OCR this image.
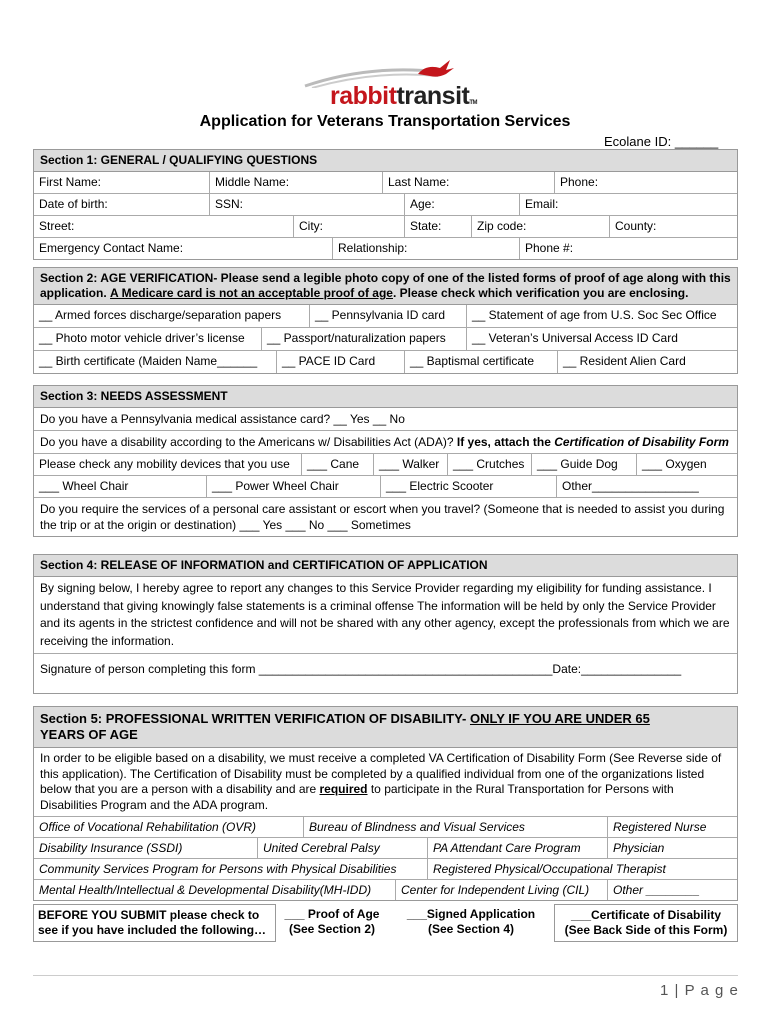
rabbittransitTM
Application for Veterans Transportation Services
Ecolane ID: ______
Section 1: GENERAL / QUALIFYING QUESTIONS
First Name:	Middle Name:	Last Name:	Phone:
Date of birth:	SSN:	Age:	Email:
Street:	City:	State:	Zip code:	County:
Emergency Contact Name:	Relationship:	Phone #:
Section 2: AGE VERIFICATION- Please send a legible photo copy of one of the listed forms of proof of age along with this application. A Medicare card is not an acceptable proof of age. Please check which verification you are enclosing.
__ Armed forces discharge/separation papers	__ Pennsylvania ID card	__ Statement of age from U.S. Soc Sec Office
__ Photo motor vehicle driver’s license	__ Passport/naturalization papers	__ Veteran’s Universal Access ID Card
__ Birth certificate (Maiden Name______	__ PACE ID Card	__ Baptismal certificate	__ Resident Alien Card
Section 3: NEEDS ASSESSMENT
Do you have a Pennsylvania medical assistance card? __ Yes __ No
Do you have a disability according to the Americans w/ Disabilities Act (ADA)? If yes, attach the Certification of Disability Form
Please check any mobility devices that you use	___ Cane	___ Walker	___ Crutches	___ Guide Dog	___ Oxygen
___ Wheel Chair	___ Power Wheel Chair	___ Electric Scooter	Other________________
Do you require the services of a personal care assistant or escort when you travel? (Someone that is needed to assist you during the trip or at the origin or destination) ___ Yes ___ No ___ Sometimes
Section 4: RELEASE OF INFORMATION and CERTIFICATION OF APPLICATION
By signing below, I hereby agree to report any changes to this Service Provider regarding my eligibility for funding assistance. I understand that giving knowingly false statements is a criminal offense The information will be held by only the Service Provider and its agents in the strictest confidence and will not be shared with any other agency, except the professionals from which we are receiving the information.
Signature of person completing this form ____________________________________________Date:_______________
Section 5: PROFESSIONAL WRITTEN VERIFICATION OF DISABILITY- ONLY IF YOU ARE UNDER 65
YEARS OF AGE
In order to be eligible based on a disability, we must receive a completed VA Certification of Disability Form (See Reverse side of this application). The Certification of Disability must be completed by a qualified individual from one of the organizations listed below that you are a person with a disability and are required to participate in the Rural Transportation for Persons with Disabilities Program and the ADA program.
Office of Vocational Rehabilitation (OVR)	Bureau of Blindness and Visual Services	Registered Nurse
Disability Insurance (SSDI)	United Cerebral Palsy	PA Attendant Care Program	Physician
Community Services Program for Persons with Physical Disabilities	Registered Physical/Occupational Therapist
Mental Health/Intellectual & Developmental Disability(MH-IDD)	Center for Independent Living (CIL)	Other ________
BEFORE YOU SUBMIT please check to
see if you have included the following…
___ Proof of Age
(See Section 2)
___Signed Application
(See Section 4)
___Certificate of Disability
(See Back Side of this Form)
1 | P a g e
